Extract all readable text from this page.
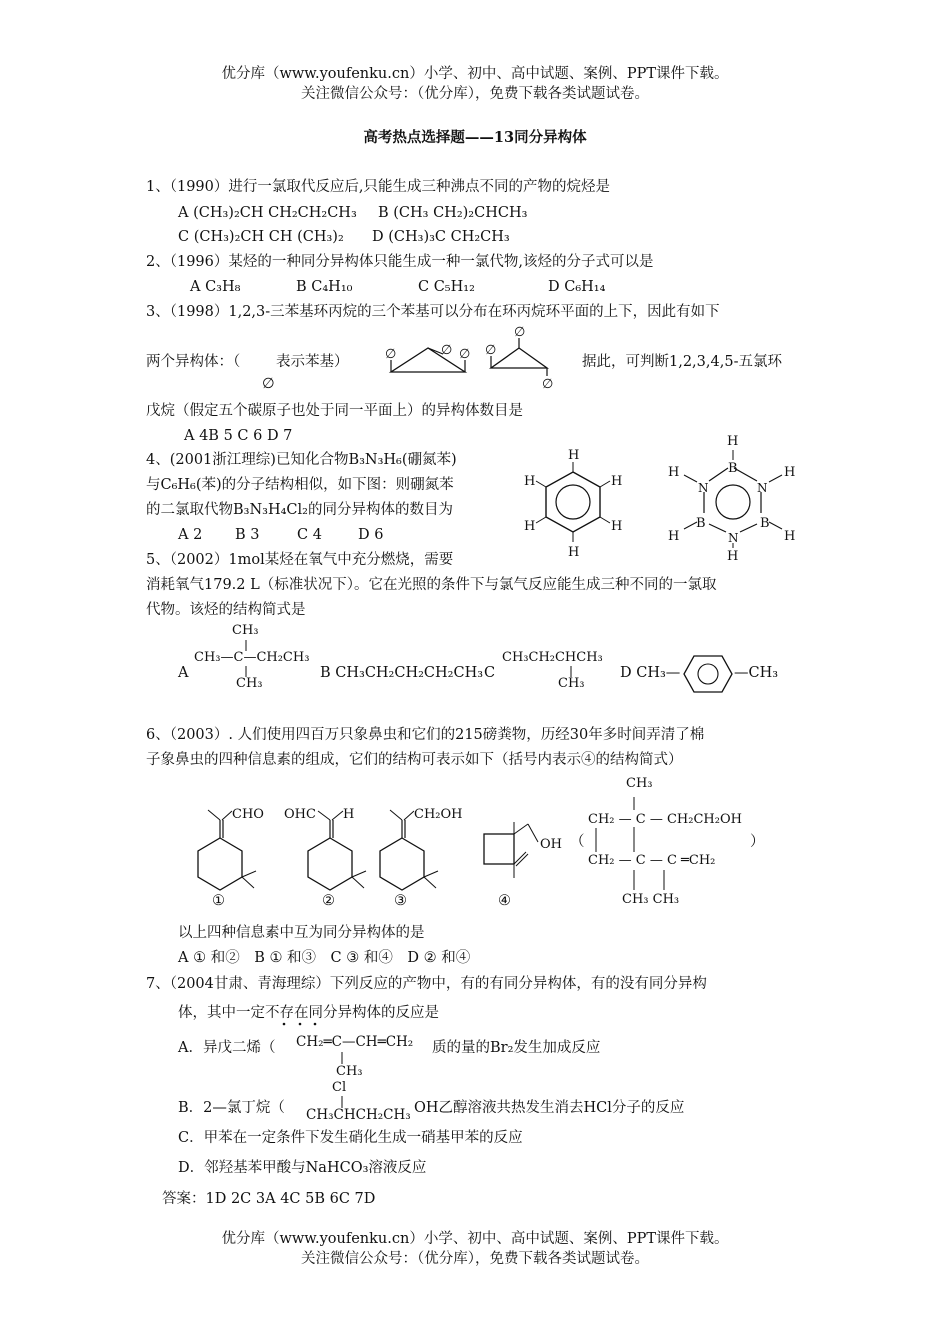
优分库（www.youfenku.cn）小学、初中、高中试题、案例、PPT课件下载。
关注微信公众号：（优分库），免费下载各类试题试卷。
高考热点选择题——13同分异构体
1、（1990）进行一氯取代反应后,只能生成三种沸点不同的产物的烷烃是
A (CH₃)₂CH CH₂CH₂CH₃ B (CH₃ CH₂)₂CHCH₃
C (CH₃)₂CH CH (CH₃)₂ D (CH₃)₃C CH₂CH₃
2、（1996）某烃的一种同分异构体只能生成一种一氯代物,该烃的分子式可以是
A C₃H₈	B C₄H₁₀	C C₅H₁₂	D C₆H₁₄
3、（1998）1,2,3-三苯基环丙烷的三个苯基可以分布在环丙烷环平面的上下，因此有如下
两个异构体：（ 表示苯基）	据此，可判断1,2,3,4,5-五氯环
∅
∅	∅ ∅ ∅
∅
∅
戊烷（假定五个碳原子也处于同一平面上）的异构体数目是
A 4B 5 C 6 D 7
4、(2001浙江理综)已知化合物B₃N₃H₆(硼氮苯)
与C₆H₆(苯)的分子结构相似，如下图：则硼氮苯
的二氯取代物B₃N₃H₄Cl₂的同分异构体的数目为
A 2 B 3	C 4 D 6
H
H
H
H
H
H
B
N
B
N
B
N
H
H
H
H
H
H
5、（2002）1mol某烃在氧气中充分燃烧，需要
消耗氧气179.2 L（标准状况下）。它在光照的条件下与氯气反应能生成三种不同的一氯取
代物。该烃的结构简式是
A
CH₃
CH₃—C—CH₂CH₃
CH₃
B CH₃CH₂CH₂CH₂CH₃ C
CH₃CH₂CHCH₃
CH₃
D CH₃—	—CH₃
6、（2003）. 人们使用四百万只象鼻虫和它们的215磅粪物，历经30年多时间弄清了棉
子象鼻虫的四种信息素的组成，它们的结构可表示如下（括号内表示④的结构简式）
CHO OHC H	CH₂OH
OH （
CH₃
CH₂ — C — CH₂CH₂OH
CH₂ — C — C ═CH₂
CH₃ CH₃
）
①	②	③	④
以上四种信息素中互为同分异构体的是
A ① 和②　B ① 和③　C ③ 和④　D ② 和④
7、（2004甘肃、青海理综）下列反应的产物中，有的有同分异构体，有的没有同分异构
体，其中一定不存在同分异构体的反应是
A．异戊二烯（ CH₂═C—CH═CH₂
CH₃
质的量的Br₂发生加成反应
Cl
B．2—氯丁烷（ CH₃CHCH₂CH₃ OH乙醇溶液共热发生消去HCl分子的反应
C．甲苯在一定条件下发生硝化生成一硝基甲苯的反应
D．邻羟基苯甲酸与NaHCO₃溶液反应
答案：1D 2C 3A 4C 5B 6C 7D
优分库（www.youfenku.cn）小学、初中、高中试题、案例、PPT课件下载。
关注微信公众号：（优分库），免费下载各类试题试卷。
